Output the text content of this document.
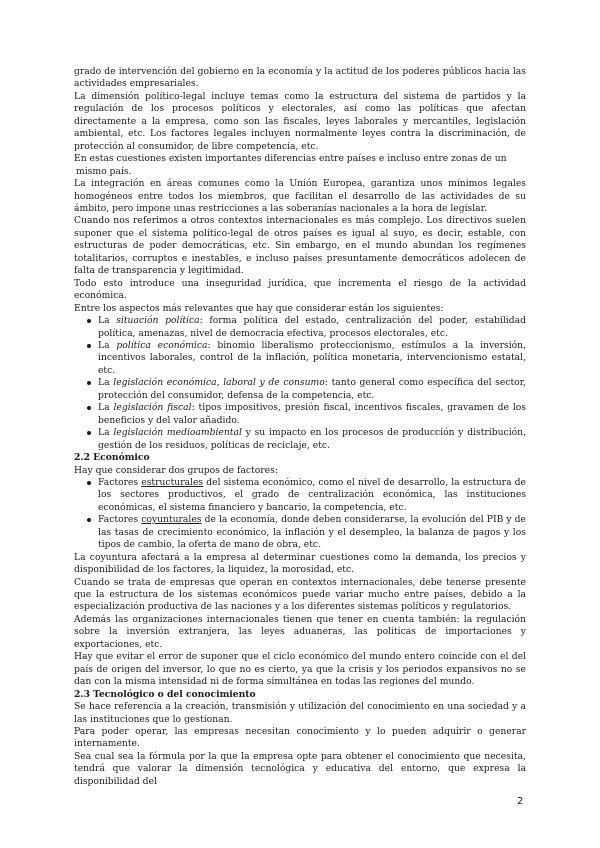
grado de intervención del gobierno en la economía y la actitud de los poderes públicos hacia las actividades empresariales.

La dimensión político-legal incluye temas como la estructura del sistema de partidos y la regulación de los procesos políticos y electorales, así como las políticas que afectan directamente a la empresa, como son las fiscales, leyes laborales y mercantiles, legislación ambiental, etc. Los factores legales incluyen normalmente leyes contra la discriminación, de protección al consumidor, de libre competencia, etc.

En estas cuestiones existen importantes diferencias entre países e incluso entre zonas de un

mismo país.

La integración en áreas comunes como la Unión Europea, garantiza unos mínimos legales homogéneos entre todos los miembros, que facilitan el desarrollo de las actividades de su ámbito, pero impone unas restricciones a las soberanías nacionales a la hora de legislar.

Cuando nos referimos a otros contextos internacionales es más complejo. Los directivos suelen suponer que el sistema político-legal de otros países es igual al suyo, es decir, estable, con estructuras de poder democráticas, etc. Sin embargo, en el mundo abundan los regímenes totalitarios, corruptos e inestables, e incluso países presuntamente democráticos adolecen de falta de transparencia y legitimidad.

Todo esto introduce una inseguridad jurídica, que incrementa el riesgo de la actividad económica.

Entre los aspectos más relevantes que hay que considerar están los siguientes:

La situación política: forma política del estado, centralización del poder, estabilidad política, amenazas, nivel de democracia efectiva, procesos electorales, etc.
La política económica: binomio liberalismo proteccionismo, estímulos a la inversión, incentivos laborales, control de la inflación, política monetaria, intervencionismo estatal, etc.
La legislación económica, laboral y de consumo: tanto general como específica del sector, protección del consumidor, defensa de la competencia, etc.
La legislación fiscal: tipos impositivos, presión fiscal, incentivos fiscales, gravamen de los beneficios y del valor añadido.
La legislación medioambiental y su impacto en los procesos de producción y distribución, gestión de los residuos, políticas de reciclaje, etc.

2.2 Económico

Hay que considerar dos grupos de factores:

Factores estructurales del sistema económico, como el nivel de desarrollo, la estructura de los sectores productivos, el grado de centralización económica, las instituciones económicas, el sistema financiero y bancario, la competencia, etc.
Factores coyunturales de la economía, donde deben considerarse, la evolución del PIB y de las tasas de crecimiento económico, la inflación y el desempleo, la balanza de pagos y los tipos de cambio, la oferta de mano de obra, etc.

La coyuntura afectará a la empresa al determinar cuestiones como la demanda, los precios y disponibilidad de los factores, la liquidez, la morosidad, etc.

Cuando se trata de empresas que operan en contextos internacionales, debe tenerse presente que la estructura de los sistemas económicos puede variar mucho entre países, debido a la especialización productiva de las naciones y a los diferentes sistemas políticos y regulatorios.

Además las organizaciones internacionales tienen que tener en cuenta también: la regulación sobre la inversión extranjera, las leyes aduaneras, las políticas de importaciones y exportaciones, etc.

Hay que evitar el error de suponer que el ciclo económico del mundo entero coincide con el del país de origen del inversor, lo que no es cierto, ya que la crisis y los periodos expansivos no se dan con la misma intensidad ni de forma simultánea en todas las regiones del mundo.

2.3 Tecnológico o del conocimiento

Se hace referencia a la creación, transmisión y utilización del conocimiento en una sociedad y a las instituciones que lo gestionan.

Para poder operar, las empresas necesitan conocimiento y lo pueden adquirir o generar internamente.

Sea cual sea la fórmula por la que la empresa opte para obtener el conocimiento que necesita, tendrá que valorar la dimensión tecnológica y educativa del entorno, que expresa la disponibilidad del

2
